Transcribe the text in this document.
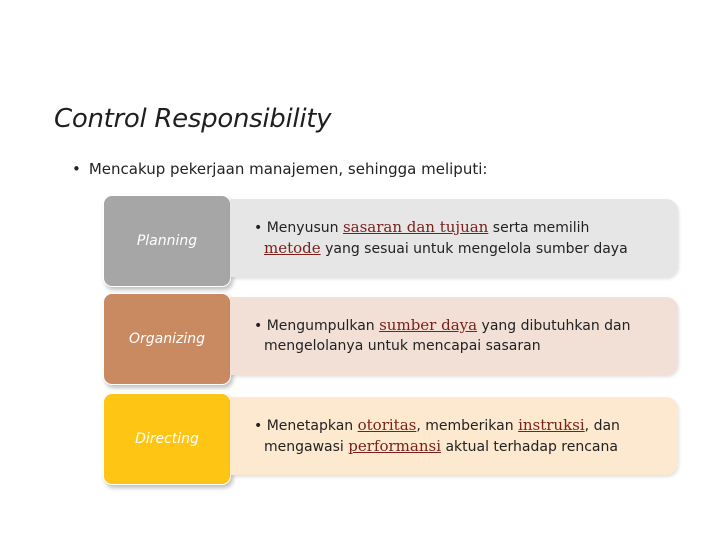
Control Responsibility
• Mencakup pekerjaan manajemen, sehingga meliputi:
Planning

• Menyusun sasaran dan tujuan serta memilih
metode yang sesuai untuk mengelola sumber daya

Organizing

• Mengumpulkan sumber daya yang dibutuhkan dan
mengelolanya untuk mencapai sasaran

Directing

• Menetapkan otoritas, memberikan instruksi, dan
mengawasi performansi aktual terhadap rencana
